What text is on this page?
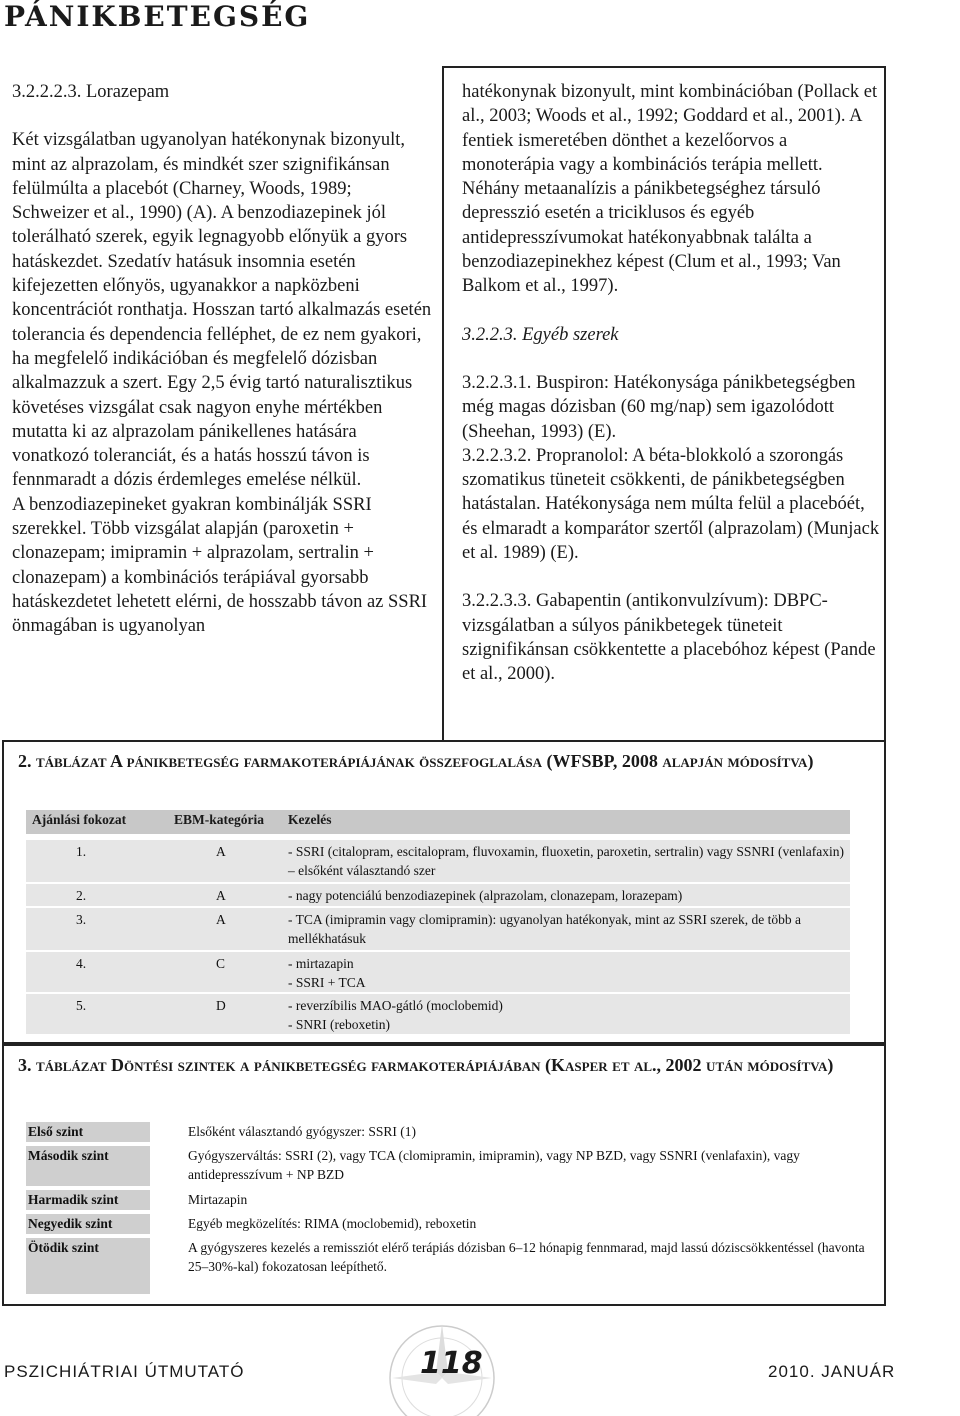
PÁNIKBETEGSÉG

3.2.2.2.3. Lorazepam

Két vizsgálatban ugyanolyan hatékonynak bizonyult, mint az alprazolam, és mindkét szer szignifikánsan felülmúlta a placebót (Charney, Woods, 1989; Schweizer et al., 1990) (A). A benzodiazepinek jól tolerálható szerek, egyik legnagyobb előnyük a gyors hatáskezdet. Szedatív hatásuk insomnia esetén kifejezetten előnyös, ugyanakkor a napközbeni koncentrációt ronthatja. Hosszan tartó alkalmazás esetén tolerancia és dependencia felléphet, de ez nem gyakori, ha megfelelő indikációban és megfelelő dózisban alkalmazzuk a szert. Egy 2,5 évig tartó naturalisztikus követéses vizsgálat csak nagyon enyhe mértékben mutatta ki az alprazolam pánikellenes hatására vonatkozó toleranciát, és a hatás hosszú távon is fennmaradt a dózis érdemleges emelése nélkül.

A benzodiazepineket gyakran kombinálják SSRI szerekkel. Több vizsgálat alapján (paroxetin + clonazepam; imipramin + alprazolam, sertralin + clonazepam) a kombinációs terápiával gyorsabb hatáskezdetet lehetett elérni, de hosszabb távon az SSRI önmagában is ugyanolyan

hatékonynak bizonyult, mint kombinációban (Pollack et al., 2003; Woods et al., 1992; Goddard et al., 2001). A fentiek ismeretében dönthet a kezelőorvos a monoterápia vagy a kombinációs terápia mellett.

Néhány metaanalízis a pánikbetegséghez társuló depresszió esetén a triciklusos és egyéb antidepresszívumokat hatékonyabbnak találta a benzodiazepinekhez képest (Clum et al., 1993; Van Balkom et al., 1997).

3.2.2.3. Egyéb szerek

3.2.2.3.1. Buspiron: Hatékonysága pánikbetegségben még magas dózisban (60 mg/nap) sem igazolódott (Sheehan, 1993) (E).

3.2.2.3.2. Propranolol: A béta-blokkoló a szorongás szomatikus tüneteit csökkenti, de pánikbetegségben hatástalan. Hatékonysága nem múlta felül a placebóét, és elmaradt a komparátor szertől (alprazolam) (Munjack et al. 1989) (E).

3.2.2.3.3. Gabapentin (antikonvulzívum): DBPC-vizsgálatban a súlyos pánikbetegek tüneteit szignifikánsan csökkentette a placebóhoz képest (Pande et al., 2000).

2. táblázat A pánikbetegség farmakoterápiájának összefoglalása (WFSBP, 2008 alapján módosítva)
Ajánlási fokozat	EBM-kategória Kezelés
1.	A	- SSRI (citalopram, escitalopram, fluvoxamin, fluoxetin, paroxetin, sertralin) vagy SSNRI (venlafaxin) – elsőként választandó szer
2.	A	- nagy potenciálú benzodiazepinek (alprazolam, clonazepam, lorazepam)
3.	A	- TCA (imipramin vagy clomipramin): ugyanolyan hatékonyak, mint az SSRI szerek, de több a mellékhatásuk
4.	C	- mirtazapin
- SSRI + TCA
5.	D	- reverzíbilis MAO-gátló (moclobemid)
- SNRI (reboxetin)
3. táblázat Döntési szintek a pánikbetegség farmakoterápiájában (Kasper et al., 2002 után módosítva)
Első szint	Elsőként választandó gyógyszer: SSRI (1)
Második szint	Gyógyszerváltás: SSRI (2), vagy TCA (clomipramin, imipramin), vagy NP BZD, vagy SSNRI (venlafaxin), vagy antidepresszívum + NP BZD
Harmadik szint	Mirtazapin
Negyedik szint	Egyéb megközelítés: RIMA (moclobemid), reboxetin
Ötödik szint	A gyógyszeres kezelés a remissziót elérő terápiás dózisban 6–12 hónapig fennmarad, majd lassú dóziscsökkentéssel (havonta 25–30%-kal) fokozatosan leépíthető.
PSZICHIÁTRIAI ÚTMUTATÓ	118	2010. JANUÁR
